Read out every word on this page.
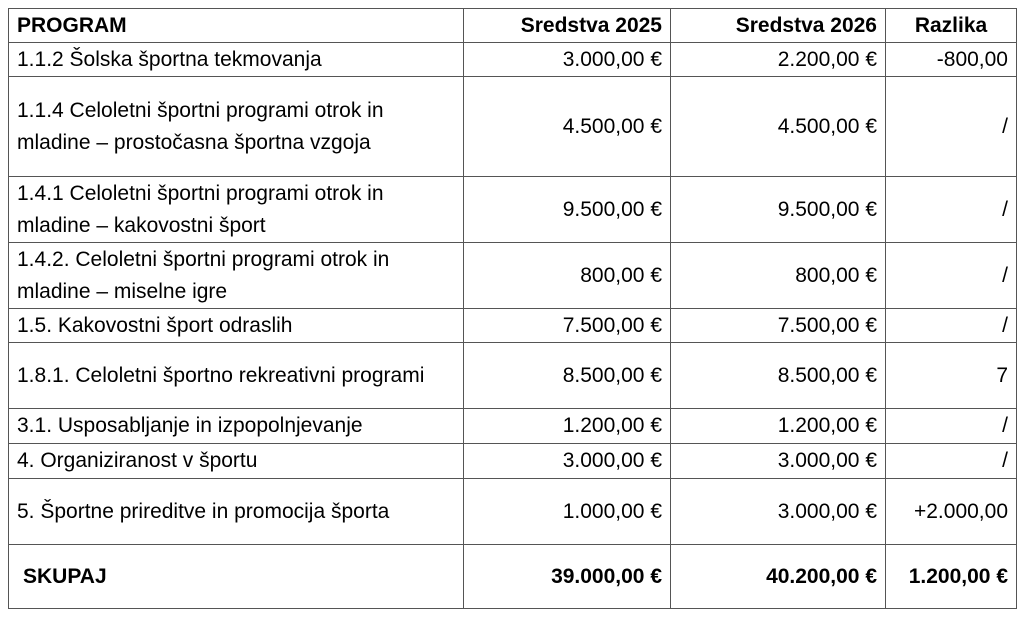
PROGRAM	Sredstva 2025	Sredstva 2026	Razlika
1.1.2 Šolska športna tekmovanja	3.000,00 €	2.200,00 €	-800,00
1.1.4 Celoletni športni programi otrok in mladine – prostočasna športna vzgoja	4.500,00 €	4.500,00 €	/
1.4.1 Celoletni športni programi otrok in mladine – kakovostni šport	9.500,00 €	9.500,00 €	/
1.4.2. Celoletni športni programi otrok in mladine – miselne igre	800,00 €	800,00 €	/
1.5. Kakovostni šport odraslih	7.500,00 €	7.500,00 €	/
1.8.1. Celoletni športno rekreativni programi	8.500,00 €	8.500,00 €	7
3.1. Usposabljanje in izpopolnjevanje	1.200,00 €	1.200,00 €	/
4. Organiziranost v športu	3.000,00 €	3.000,00 €	/
5. Športne prireditve in promocija športa	1.000,00 €	3.000,00 €	+2.000,00
SKUPAJ	39.000,00 €	40.200,00 €	1.200,00 €
